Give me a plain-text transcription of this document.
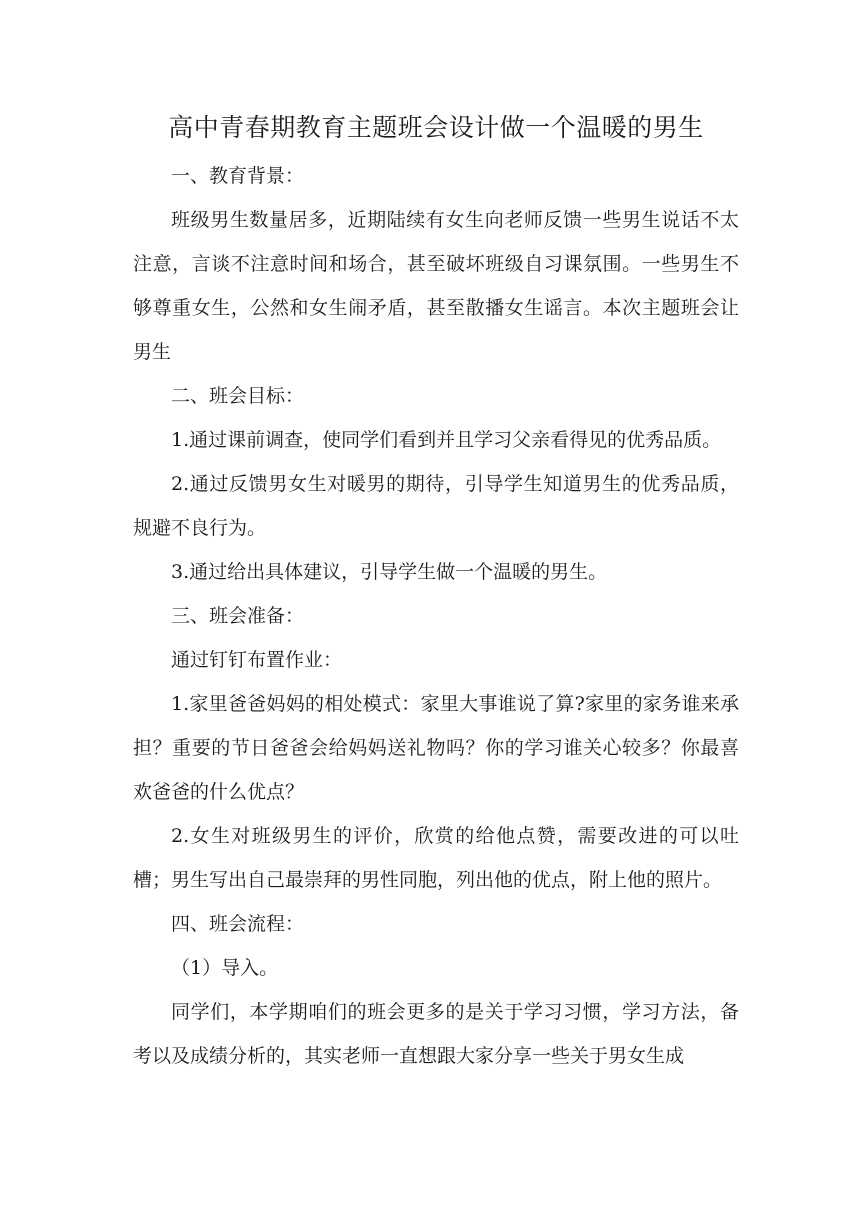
高中青春期教育主题班会设计做一个温暖的男生

一、教育背景：

班级男生数量居多，近期陆续有女生向老师反馈一些男生说话不太注意，言谈不注意时间和场合，甚至破坏班级自习课氛围。一些男生不够尊重女生，公然和女生闹矛盾，甚至散播女生谣言。本次主题班会让男生

二、班会目标：

1.通过课前调查，使同学们看到并且学习父亲看得见的优秀品质。

2.通过反馈男女生对暖男的期待，引导学生知道男生的优秀品质，规避不良行为。

3.通过给出具体建议，引导学生做一个温暖的男生。

三、班会准备：

通过钉钉布置作业：

1.家里爸爸妈妈的相处模式：家里大事谁说了算?家里的家务谁来承担？重要的节日爸爸会给妈妈送礼物吗？你的学习谁关心较多？你最喜欢爸爸的什么优点？

2.女生对班级男生的评价，欣赏的给他点赞，需要改进的可以吐槽；男生写出自己最崇拜的男性同胞，列出他的优点，附上他的照片。

四、班会流程：

（1）导入。

同学们，本学期咱们的班会更多的是关于学习习惯，学习方法，备考以及成绩分析的，其实老师一直想跟大家分享一些关于男女生成
